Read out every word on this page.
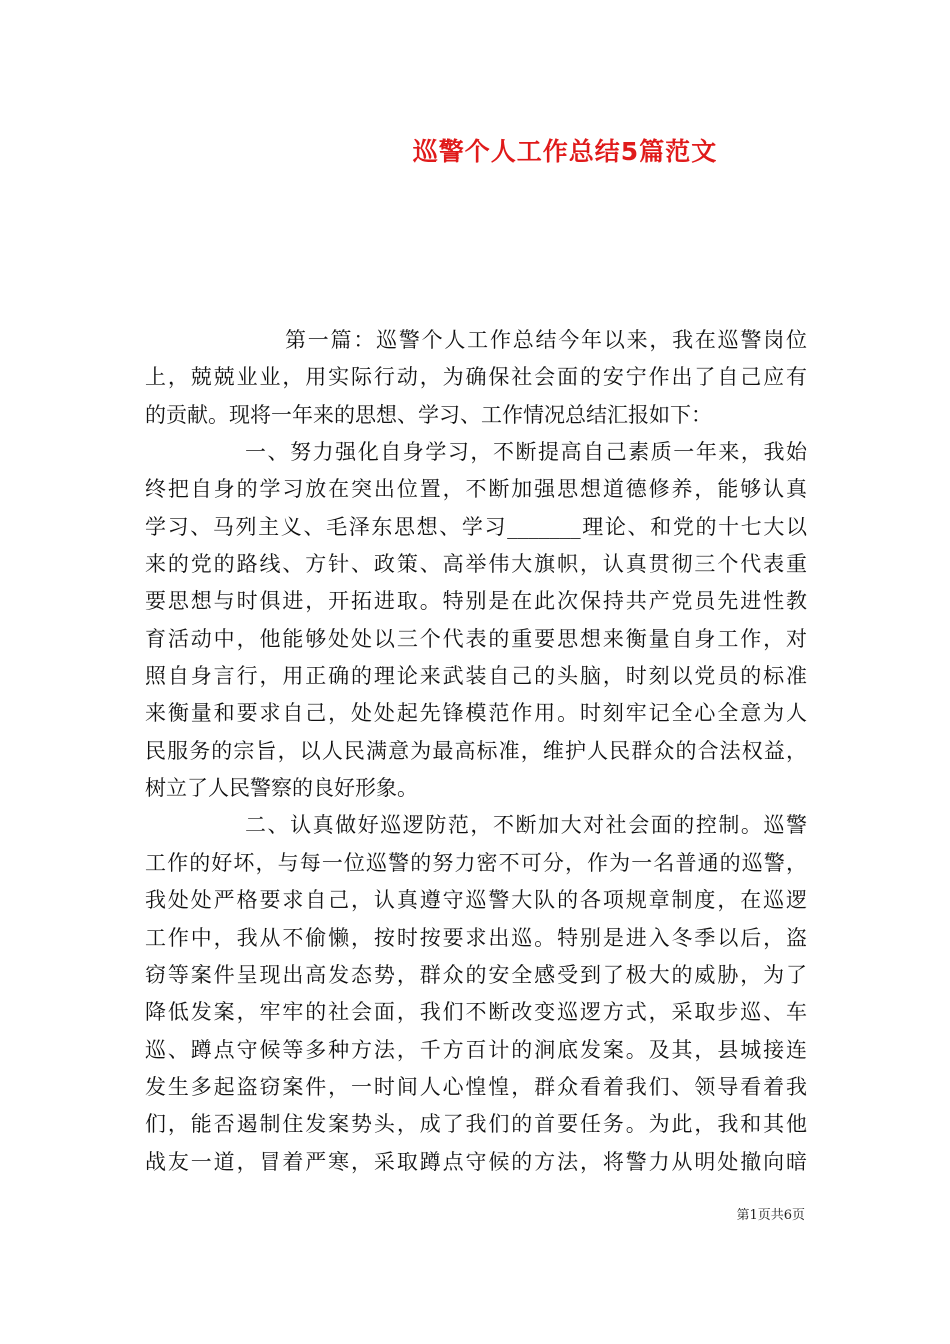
巡警个人工作总结5篇范文
第一篇：巡警个人工作总结今年以来，我在巡警岗位
上，兢兢业业，用实际行动，为确保社会面的安宁作出了自己应有
的贡献。现将一年来的思想、学习、工作情况总结汇报如下：
一、努力强化自身学习，不断提高自己素质一年来，我始
终把自身的学习放在突出位置，不断加强思想道德修养，能够认真
学习、马列主义、毛泽东思想、学习_______理论、和党的十七大以
来的党的路线、方针、政策、高举伟大旗帜，认真贯彻三个代表重
要思想与时俱进，开拓进取。特别是在此次保持共产党员先进性教
育活动中，他能够处处以三个代表的重要思想来衡量自身工作，对
照自身言行，用正确的理论来武装自己的头脑，时刻以党员的标准
来衡量和要求自己，处处起先锋模范作用。时刻牢记全心全意为人
民服务的宗旨，以人民满意为最高标准，维护人民群众的合法权益，
树立了人民警察的良好形象。
二、认真做好巡逻防范，不断加大对社会面的控制。巡警
工作的好坏，与每一位巡警的努力密不可分，作为一名普通的巡警，
我处处严格要求自己，认真遵守巡警大队的各项规章制度，在巡逻
工作中，我从不偷懒，按时按要求出巡。特别是进入冬季以后，盗
窃等案件呈现出高发态势，群众的安全感受到了极大的威胁，为了
降低发案，牢牢的社会面，我们不断改变巡逻方式，采取步巡、车
巡、蹲点守候等多种方法，千方百计的涧底发案。及其，县城接连
发生多起盗窃案件，一时间人心惶惶，群众看着我们、领导看着我
们，能否遏制住发案势头，成了我们的首要任务。为此，我和其他
战友一道，冒着严寒，采取蹲点守候的方法，将警力从明处撤向暗
第1页共6页
